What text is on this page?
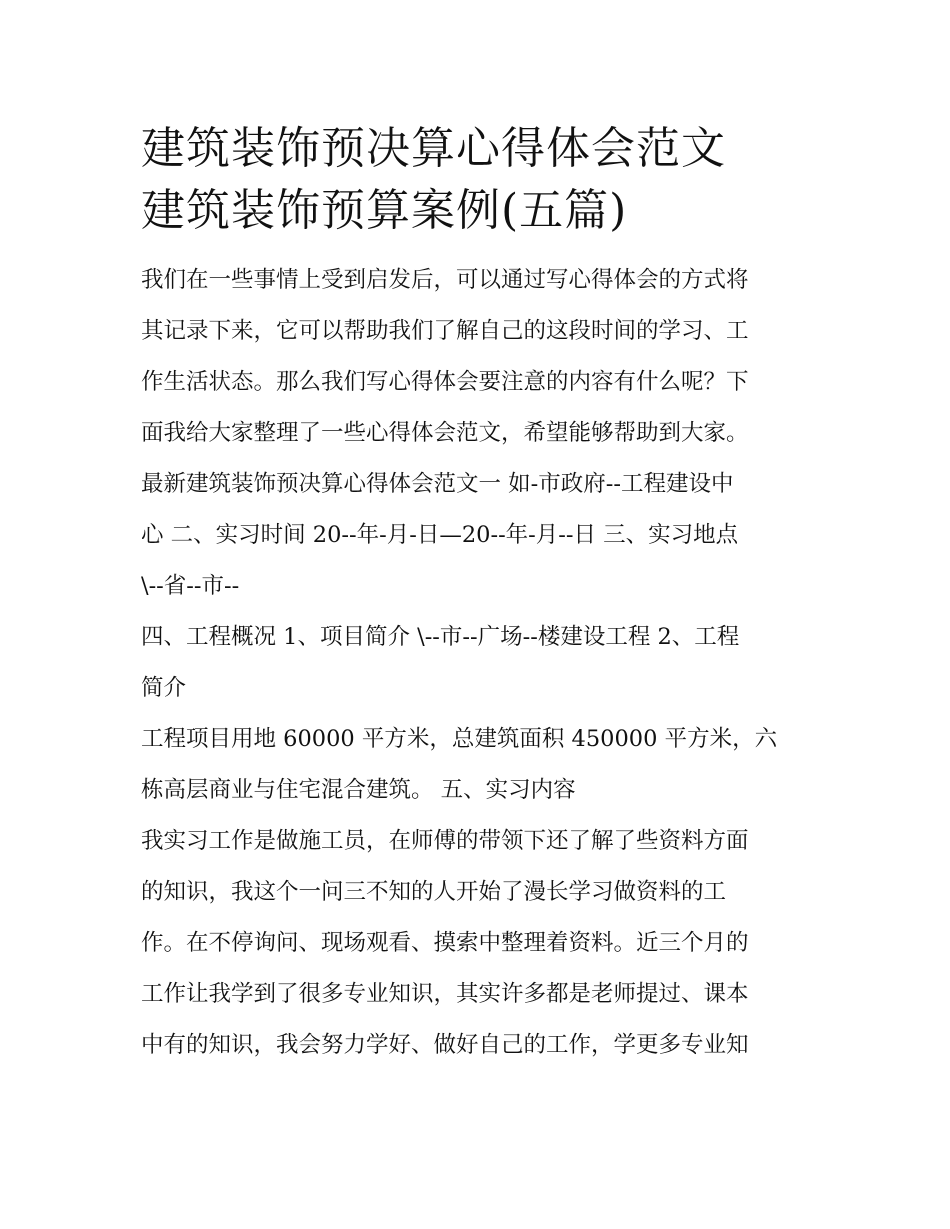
建筑装饰预决算心得体会范文
建筑装饰预算案例(五篇)

我们在一些事情上受到启发后，可以通过写心得体会的方式将
其记录下来，它可以帮助我们了解自己的这段时间的学习、工
作生活状态。那么我们写心得体会要注意的内容有什么呢？下
面我给大家整理了一些心得体会范文，希望能够帮助到大家。

最新建筑装饰预决算心得体会范文一 如-市政府--工程建设中
心 二、实习时间 20--年-月-日—20--年-月--日 三、实习地点
\--省--市--

四、工程概况 1、项目简介 \--市--广场--楼建设工程 2、工程
简介

工程项目用地 60000 平方米，总建筑面积 450000 平方米，六
栋高层商业与住宅混合建筑。 五、实习内容

我实习工作是做施工员，在师傅的带领下还了解了些资料方面
的知识，我这个一问三不知的人开始了漫长学习做资料的工
作。在不停询问、现场观看、摸索中整理着资料。近三个月的
工作让我学到了很多专业知识，其实许多都是老师提过、课本
中有的知识，我会努力学好、做好自己的工作，学更多专业知
